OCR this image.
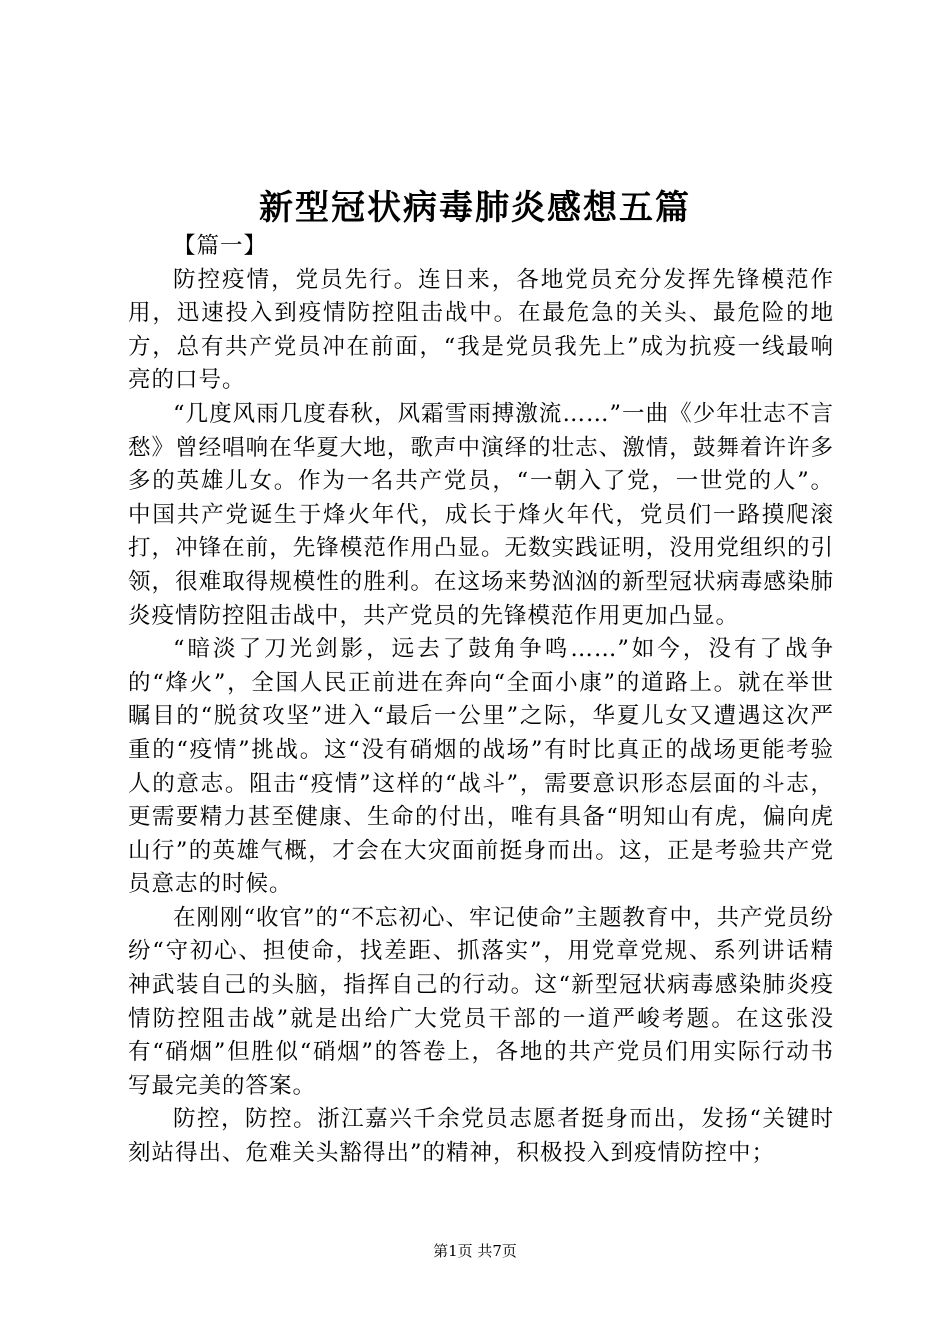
新型冠状病毒肺炎感想五篇

【篇一】

防控疫情，党员先行。连日来，各地党员充分发挥先锋模范作用，迅速投入到疫情防控阻击战中。在最危急的关头、最危险的地方，总有共产党员冲在前面，“我是党员我先上”成为抗疫一线最响亮的口号。

“几度风雨几度春秋，风霜雪雨搏激流……”一曲《少年壮志不言愁》曾经唱响在华夏大地，歌声中演绎的壮志、激情，鼓舞着许许多多的英雄儿女。作为一名共产党员，“一朝入了党，一世党的人”。中国共产党诞生于烽火年代，成长于烽火年代，党员们一路摸爬滚打，冲锋在前，先锋模范作用凸显。无数实践证明，没用党组织的引领，很难取得规模性的胜利。在这场来势汹汹的新型冠状病毒感染肺炎疫情防控阻击战中，共产党员的先锋模范作用更加凸显。

“暗淡了刀光剑影，远去了鼓角争鸣……”如今，没有了战争的“烽火”，全国人民正前进在奔向“全面小康”的道路上。就在举世瞩目的“脱贫攻坚”进入“最后一公里”之际，华夏儿女又遭遇这次严重的“疫情”挑战。这“没有硝烟的战场”有时比真正的战场更能考验人的意志。阻击“疫情”这样的“战斗”，需要意识形态层面的斗志，更需要精力甚至健康、生命的付出，唯有具备“明知山有虎，偏向虎山行”的英雄气概，才会在大灾面前挺身而出。这，正是考验共产党员意志的时候。

在刚刚“收官”的“不忘初心、牢记使命”主题教育中，共产党员纷纷“守初心、担使命，找差距、抓落实”，用党章党规、系列讲话精神武装自己的头脑，指挥自己的行动。这“新型冠状病毒感染肺炎疫情防控阻击战”就是出给广大党员干部的一道严峻考题。在这张没有“硝烟”但胜似“硝烟”的答卷上，各地的共产党员们用实际行动书写最完美的答案。

防控，防控。浙江嘉兴千余党员志愿者挺身而出，发扬“关键时刻站得出、危难关头豁得出”的精神，积极投入到疫情防控中；

第1页 共7页
